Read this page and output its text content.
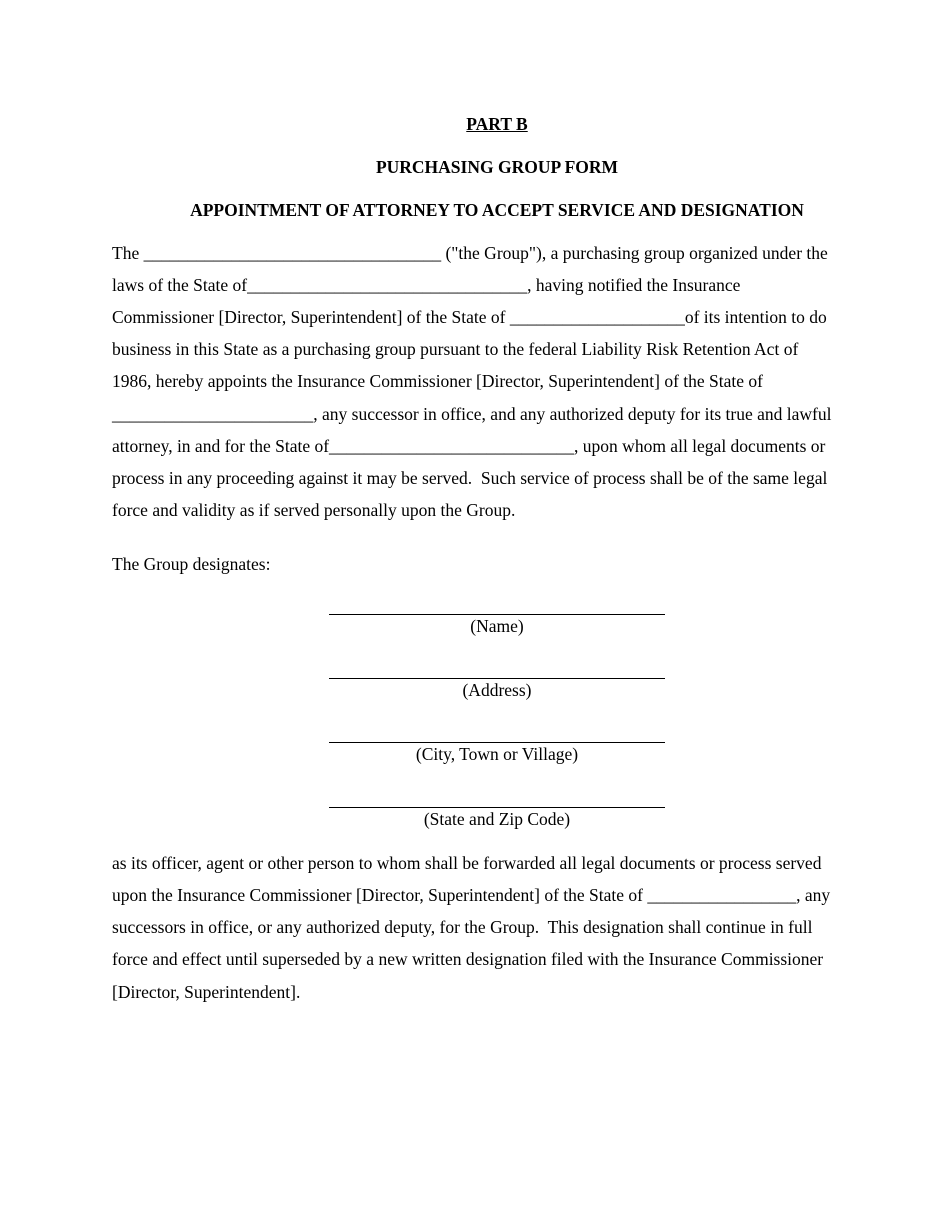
PART B
PURCHASING GROUP FORM
APPOINTMENT OF ATTORNEY TO ACCEPT SERVICE AND DESIGNATION

The __________________________________ ("the Group"), a purchasing group organized under the

laws of the State of________________________________, having notified the Insurance

Commissioner [Director, Superintendent] of the State of ____________________of its intention to do

business in this State as a purchasing group pursuant to the federal Liability Risk Retention Act of

1986, hereby appoints the Insurance Commissioner [Director, Superintendent] of the State of

_______________________, any successor in office, and any authorized deputy for its true and lawful

attorney, in and for the State of____________________________, upon whom all legal documents or

process in any proceeding against it may be served.  Such service of process shall be of the same legal

force and validity as if served personally upon the Group.

The Group designates:

(Name)
(Address)
(City, Town or Village)
(State and Zip Code)

as its officer, agent or other person to whom shall be forwarded all legal documents or process served

upon the Insurance Commissioner [Director, Superintendent] of the State of _________________, any

successors in office, or any authorized deputy, for the Group.  This designation shall continue in full

force and effect until superseded by a new written designation filed with the Insurance Commissioner

[Director, Superintendent].
